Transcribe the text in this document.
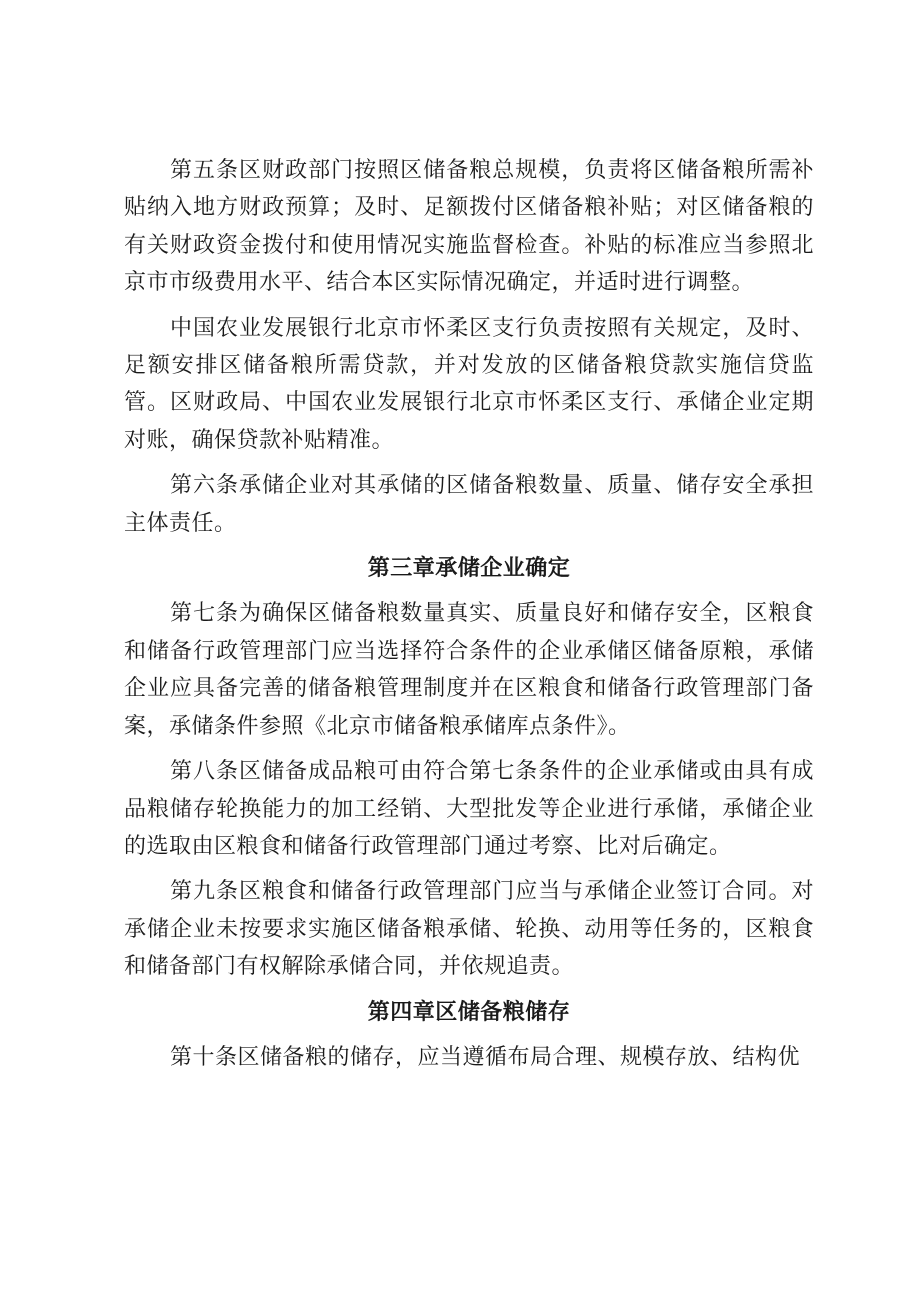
第五条区财政部门按照区储备粮总规模，负责将区储备粮所需补贴纳入地方财政预算；及时、足额拨付区储备粮补贴；对区储备粮的有关财政资金拨付和使用情况实施监督检查。补贴的标准应当参照北京市市级费用水平、结合本区实际情况确定，并适时进行调整。

中国农业发展银行北京市怀柔区支行负责按照有关规定，及时、足额安排区储备粮所需贷款，并对发放的区储备粮贷款实施信贷监管。区财政局、中国农业发展银行北京市怀柔区支行、承储企业定期对账，确保贷款补贴精准。

第六条承储企业对其承储的区储备粮数量、质量、储存安全承担主体责任。

第三章承储企业确定

第七条为确保区储备粮数量真实、质量良好和储存安全，区粮食和储备行政管理部门应当选择符合条件的企业承储区储备原粮，承储企业应具备完善的储备粮管理制度并在区粮食和储备行政管理部门备案，承储条件参照《北京市储备粮承储库点条件》。

第八条区储备成品粮可由符合第七条条件的企业承储或由具有成品粮储存轮换能力的加工经销、大型批发等企业进行承储，承储企业的选取由区粮食和储备行政管理部门通过考察、比对后确定。

第九条区粮食和储备行政管理部门应当与承储企业签订合同。对承储企业未按要求实施区储备粮承储、轮换、动用等任务的，区粮食和储备部门有权解除承储合同，并依规追责。

第四章区储备粮储存

第十条区储备粮的储存，应当遵循布局合理、规模存放、结构优
